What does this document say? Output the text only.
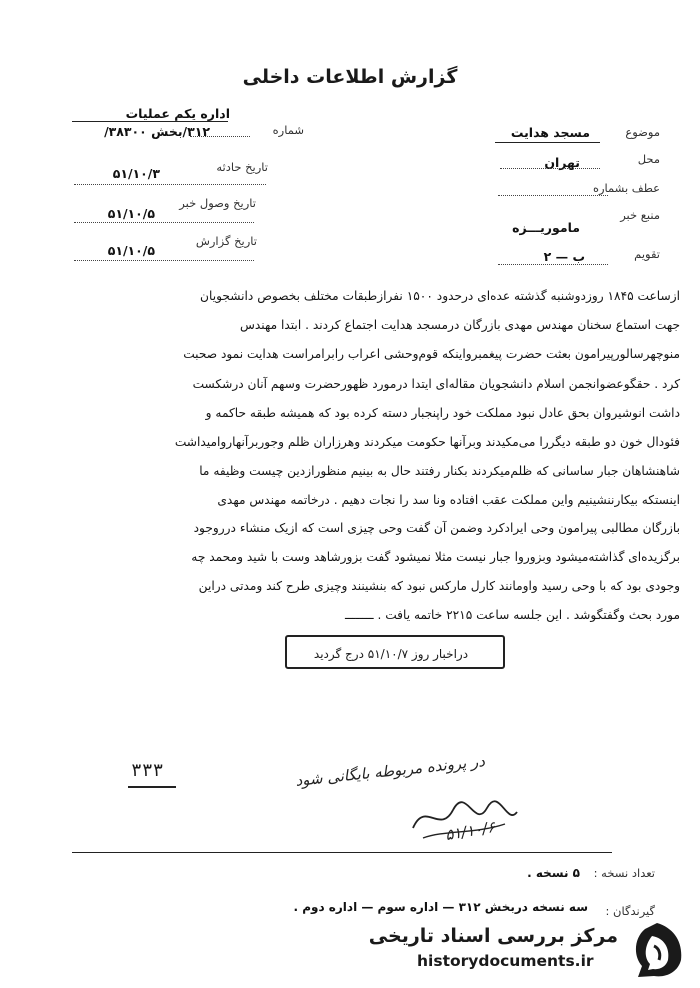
گزارش اطلاعات داخلی
اداره یکم عملیات
شماره
۳۱۲/بخش ۳۸۳۰۰/
تاریخ حادثه
۵۱/۱۰/۳
تاریخ وصول خبر
۵۱/۱۰/۵
تاریخ گزارش
۵۱/۱۰/۵
موضوع
مسجد هدایت
محل
تهران
عطف بشماره
منبع خبر
ماموریـــزه
تقویم
ب — ۲
ازساعت ۱۸۴۵ روزدوشنبه گذشته عده‌ای درحدود ۱۵۰۰ نفرازطبقات مختلف بخصوص دانشجویان
جهت استماع سخنان مهندس مهدی بازرگان درمسجد هدایت اجتماع کردند . ابتدا مهندس
منوچهرسالورپیرامون بعثت حضرت پیغمبرواینکه قوم‌وحشی اعراب رابرامراست هدایت نمود صحبت
کرد . حقگوعضوانجمن اسلام دانشجویان مقاله‌ای ایتدا درمورد ظهورحضرت وسهم آنان درشکست
داشت انوشیروان بحق عادل نبود مملکت خود راپنجبار دسته کرده بود که همیشه طبقه حاکمه و
فئودال خون دو طبقه دیگررا می‌مکیدند وبرآنها حکومت میکردند وهرزاران ظلم وجوربرآنهاروامیداشت
شاهنشاهان جبار ساسانی که ظلم‌میکردند بکنار رفتند حال به بینیم منظورازدین چیست وظیفه ما
اینستکه بیکارننشینیم واین مملکت عقب افتاده ونا سد را نجات دهیم . درخاتمه مهندس مهدی
بازرگان مطالبی پیرامون وحی ایرادکرد وضمن آن گفت وحی چیزی است که ازیک منشاء درروجود
برگزیده‌ای گذاشته‌میشود وبزوروا جبار نیست مثلا نمیشود گفت بزورشاهد وست با شید ومحمد چه
وجودی بود که با وحی رسید واومانند کارل مارکس نبود که بنشینند وچیزی طرح کند ومدتی دراین
مورد بحث وگفتگوشد . این جلسه ساعت ۲۲۱۵ خاتمه یافت . ــــــــ
دراخبار روز ۵۱/۱۰/۷ درج گردید
۳۳۳	در پرونده مربوطه بایگانی شود
۵۱/۱۰/۶
تعداد نسخه :
۵ نسخه .
گیرندگان :
سه نسخه دربخش ۳۱۲ — اداره سوم — اداره دوم .
مرکز بررسی اسناد تاریخی
historydocuments.ir
